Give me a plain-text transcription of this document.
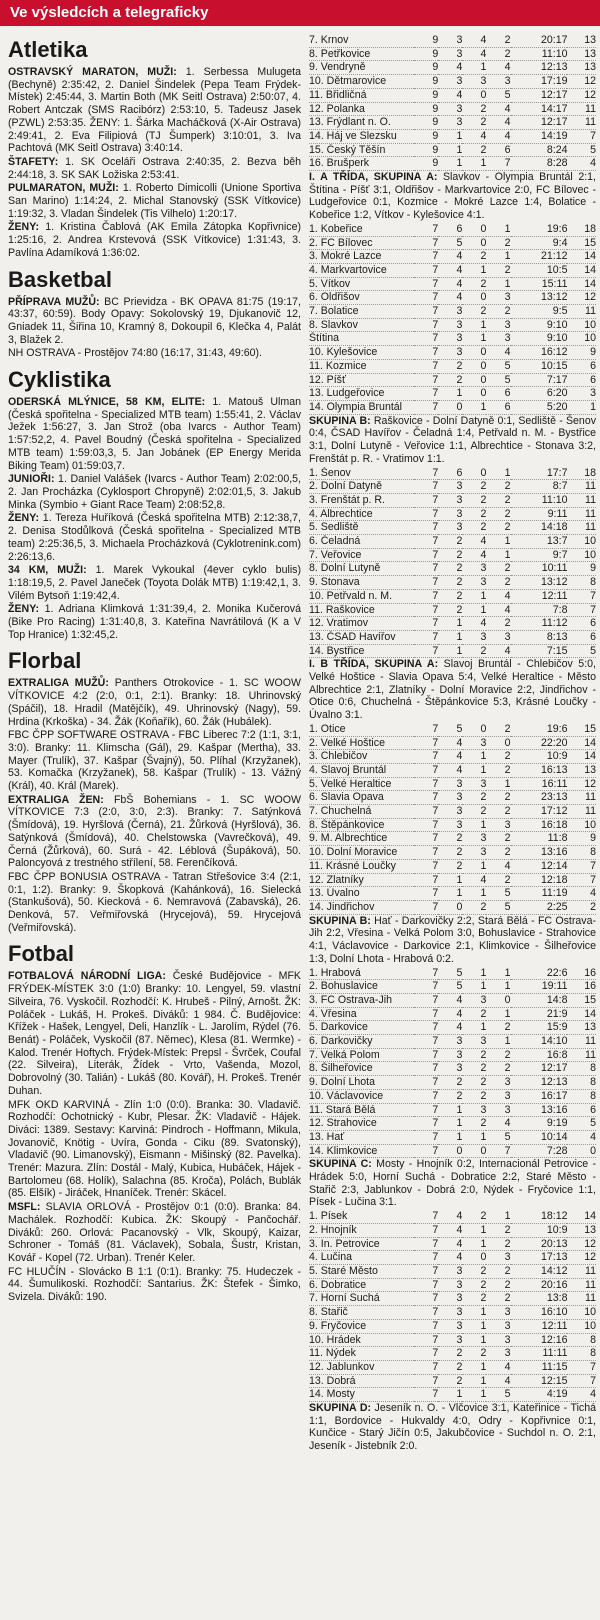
Ve výsledcích a telegraficky
Atletika
OSTRAVSKÝ MARATON, MUŽI: 1. Serbessa Mulugeta (Bechyně) 2:35:42, 2. Daniel Šindelek (Pepa Team Frýdek-Místek) 2:45:44, 3. Martin Both (MK Seitl Ostrava) 2:50:07, 4. Robert Antczak (SMS Racibórz) 2:53:10, 5. Tadeusz Jasek (PZWL) 2:53:35. ŽENY: 1. Šárka Macháčková (X-Air Ostrava) 2:49:41, 2. Eva Filipiová (TJ Šumperk) 3:10:01, 3. Iva Pachtová (MK Seitl Ostrava) 3:40:14.
ŠTAFETY: 1. SK Oceláři Ostrava 2:40:35, 2. Bezva běh 2:44:18, 3. SK SAK Ložiska 2:53:41.
PULMARATON, MUŽI: 1. Roberto Dimicolli (Unione Sportiva San Marino) 1:14:24, 2. Michal Stanovský (SSK Vítkovice) 1:19:32, 3. Vladan Šindelek (Tis Vilhelo) 1:20:17.
ŽENY: 1. Kristina Čablová (AK Emila Zátopka Kopřivnice) 1:25:16, 2. Andrea Krstevová (SSK Vítkovice) 1:31:43, 3. Pavlína Adamíková 1:36:02.
Basketbal
PŘÍPRAVA MUŽŮ: BC Prievidza - BK OPAVA 81:75 (19:17, 43:37, 60:59). Body Opavy: Sokolovský 19, Djukanovič 12, Gniadek 11, Šiřina 10, Kramný 8, Dokoupil 6, Klečka 4, Palát 3, Blažek 2.
NH OSTRAVA - Prostějov 74:80 (16:17, 31:43, 49:60).
Cyklistika
ODERSKÁ MLÝNICE, 58 KM, ELITE: 1. Matouš Ulman (Česká spořitelna - Specialized MTB team) 1:55:41, 2. Václav Ježek 1:56:27, 3. Jan Strož (oba Ivarcs - Author Team) 1:57:52,2, 4. Pavel Boudný (Česká spořitelna - Specialized MTB team) 1:59:03,3, 5. Jan Jobánek (EP Energy Merida Biking Team) 01:59:03,7.
JUNIOŘI: 1. Daniel Valášek (Ivarcs - Author Team) 2:02:00,5, 2. Jan Procházka (Cyklosport Chropyně) 2:02:01,5, 3. Jakub Minka (Symbio + Giant Race Team) 2:08:52,8.
ŽENY: 1. Tereza Huříková (Česká spořitelna MTB) 2:12:38,7, 2. Denisa Stodůlková (Česká spořitelna - Specialized MTB team) 2:25:36,5, 3. Michaela Procházková (Cyklotrenink.com) 2:26:13,6.
34 KM, MUŽI: 1. Marek Vykoukal (4ever cyklo bulis) 1:18:19,5, 2. Pavel Janeček (Toyota Dolák MTB) 1:19:42,1, 3. Vilém Bytsoň 1:19:42,4.
ŽENY: 1. Adriana Klimková 1:31:39,4, 2. Monika Kučerová (Bike Pro Racing) 1:31:40,8, 3. Kateřina Navrátilová (K a V Top Hranice) 1:32:45,2.
Florbal
EXTRALIGA MUŽŮ: Panthers Otrokovice - 1. SC WOOW VÍTKOVICE 4:2 (2:0, 0:1, 2:1). Branky: 18. Uhrinovský (Spáčil), 18. Hradil (Matějčík), 49. Uhrinovský (Nagy), 59. Hrdina (Krkoška) - 34. Žák (Koňařík), 60. Žák (Hubálek).
FBC ČPP SOFTWARE OSTRAVA - FBC Liberec 7:2 (1:1, 3:1, 3:0). Branky: 11. Klimscha (Gál), 29. Kašpar (Mertha), 33. Mayer (Trulík), 37. Kašpar (Švajný), 50. Plíhal (Krzyžanek), 53. Komačka (Krzyžanek), 58. Kašpar (Trulík) - 13. Vážný (Král), 40. Král (Marek).
EXTRALIGA ŽEN: FbŠ Bohemians - 1. SC WOOW VÍTKOVICE 7:3 (2:0, 3:0, 2:3). Branky: 7. Satýnková (Šmídová), 19. Hyršlová (Černá), 21. Žůrková (Hyršlová), 36. Satýnková (Šmídová), 40. Chelstowska (Vavrečková), 49. Černá (Žůrková), 60. Surá - 42. Léblová (Šupáková), 50. Paloncyová z trestného střílení, 58. Ferenčíková.
FBC ČPP BONUSIA OSTRAVA - Tatran Střešovice 3:4 (2:1, 0:1, 1:2). Branky: 9. Škopková (Kahánková), 16. Sielecká (Stankušová), 50. Kiecková - 6. Nemravová (Zabavská), 26. Denková, 57. Veřmiřovská (Hrycejová), 59. Hrycejová (Veřmiřovská).
Fotbal
FOTBALOVÁ NÁRODNÍ LIGA: České Budějovice - MFK FRÝDEK-MÍSTEK 3:0 (1:0) Branky: 10. Lengyel, 59. vlastní Silveira, 76. Vyskočil. Rozhodčí: K. Hrubeš - Pilný, Arnošt. ŽK: Poláček - Lukáš, H. Prokeš. Diváků: 1 984. Č. Budějovice: Křížek - Hašek, Lengyel, Deli, Hanzlík - L. Jarolím, Rýdel (76. Benát) - Poláček, Vyskočil (87. Němec), Klesa (81. Wermke) - Kalod. Trenér Hoftych. Frýdek-Místek: Prepsl - Švrček, Coufal (22. Silveira), Literák, Žídek - Vrto, Vašenda, Mozol, Dobrovolný (30. Talián) - Lukáš (80. Kovář), H. Prokeš. Trenér Duhan.
MFK OKD KARVINÁ - Zlín 1:0 (0:0). Branka: 30. Vladavič. Rozhodčí: Ochotnický - Kubr, Plesar. ŽK: Vladavič - Hájek. Diváci: 1389. Sestavy: Karviná: Pindroch - Hoffmann, Mikula, Jovanovič, Knötig - Uvíra, Gonda - Ciku (89. Svatonský), Vladavič (90. Limanovský), Eismann - Mišinský (82. Pavelka). Trenér: Mazura. Zlín: Dostál - Malý, Kubica, Hubáček, Hájek - Bartolomeu (68. Holík), Salachna (85. Kroča), Polách, Bublák (85. Elšík) - Jiráček, Hnaníček. Trenér: Skácel.
MSFL: SLAVIA ORLOVÁ - Prostějov 0:1 (0:0). Branka: 84. Machálek. Rozhodčí: Kubica. ŽK: Skoupý - Pančochář. Diváků: 260. Orlová: Pacanovský - Vlk, Skoupý, Kaizar, Schroner - Tomáš (81. Václavek), Sobala, Šustr, Kristan, Kovář - Kopel (72. Urban). Trenér Keler.
FC HLUČÍN - Slovácko B 1:1 (0:1). Branky: 75. Hudeczek - 44. Šumulikoski. Rozhodčí: Santarius. ŽK: Štefek - Šimko, Svizela. Diváků: 190.
7. Krnov	9	3	4	2	20:17	13
8. Petřkovice	9	3	4	2	11:10	13
9. Vendryně	9	4	1	4	12:13	13
10. Dětmarovice	9	3	3	3	17:19	12
11. Břidličná	9	4	0	5	12:17	12
12. Polanka	9	3	2	4	14:17	11
13. Frýdlant n. O.	9	3	2	4	12:17	11
14. Háj ve Slezsku	9	1	4	4	14:19	7
15. Český Těšín	9	1	2	6	8:24	5
16. Brušperk	9	1	1	7	8:28	4
I. A TŘÍDA, SKUPINA A: Slavkov - Olympia Bruntál 2:1, Štítina - Píšť 3:1, Oldřišov - Markvartovice 2:0, FC Bílovec - Ludgeřovice 0:1, Kozmice - Mokré Lazce 1:4, Bolatice - Kobeřice 1:2, Vítkov - Kylešovice 4:1.
1. Kobeřice	7	6	0	1	19:6	18
2. FC Bílovec	7	5	0	2	9:4	15
3. Mokré Lazce	7	4	2	1	21:12	14
4. Markvartovice	7	4	1	2	10:5	14
5. Vítkov	7	4	2	1	15:11	14
6. Oldřišov	7	4	0	3	13:12	12
7. Bolatice	7	3	2	2	9:5	11
8. Slavkov	7	3	1	3	9:10	10
Štítina	7	3	1	3	9:10	10
10. Kylešovice	7	3	0	4	16:12	9
11. Kozmice	7	2	0	5	10:15	6
12. Píšť	7	2	0	5	7:17	6
13. Ludgeřovice	7	1	0	6	6:20	3
14. Olympia Bruntál	7	0	1	6	5:20	1
SKUPINA B: Raškovice - Dolní Datyně 0:1, Sedliště - Šenov 0:4, ČSAD Havířov - Čeladná 1:4, Petřvald n. M. - Bystřice 3:1, Dolní Lutyně - Veřovice 1:1, Albrechtice - Stonava 3:2, Frenštát p. R. - Vratimov 1:1.
1. Šenov	7	6	0	1	17:7	18
2. Dolní Datyně	7	3	2	2	8:7	11
3. Frenštát p. R.	7	3	2	2	11:10	11
4. Albrechtice	7	3	2	2	9:11	11
5. Sedliště	7	3	2	2	14:18	11
6. Čeladná	7	2	4	1	13:7	10
7. Veřovice	7	2	4	1	9:7	10
8. Dolní Lutyně	7	2	3	2	10:11	9
9. Stonava	7	2	3	2	13:12	8
10. Petřvald n. M.	7	2	1	4	12:11	7
11. Raškovice	7	2	1	4	7:8	7
12. Vratimov	7	1	4	2	11:12	6
13. ČSAD Havířov	7	1	3	3	8:13	6
14. Bystřice	7	1	2	4	7:15	5
I. B TŘÍDA, SKUPINA A: Slavoj Bruntál - Chlebičov 5:0, Velké Hoštice - Slavia Opava 5:4, Velké Heraltice - Město Albrechtice 2:1, Zlatníky - Dolní Moravice 2:2, Jindřichov - Otice 0:6, Chuchelná - Štěpánkovice 5:3, Krásné Loučky - Úvalno 3:1.
1. Otice	7	5	0	2	19:6	15
2. Velké Hoštice	7	4	3	0	22:20	14
3. Chlebičov	7	4	1	2	10:9	14
4. Slavoj Bruntál	7	4	1	2	16:13	13
5. Velké Heraltice	7	3	3	1	16:11	12
6. Slavia Opava	7	3	2	2	23:13	11
7. Chuchelná	7	3	2	2	17:12	11
8. Štěpánkovice	7	3	1	3	16:18	10
9. M. Albrechtice	7	2	3	2	11:8	9
10. Dolní Moravice	7	2	3	2	13:16	8
11. Krásné Loučky	7	2	1	4	12:14	7
12. Zlatníky	7	1	4	2	12:18	7
13. Úvalno	7	1	1	5	11:19	4
14. Jindřichov	7	0	2	5	2:25	2
SKUPINA B: Hať - Darkovičky 2:2, Stará Bělá - FC Ostrava-Jih 2:2, Vřesina - Velká Polom 3:0, Bohuslavice - Strahovice 4:1, Václavovice - Darkovice 2:1, Klimkovice - Šilheřovice 1:3, Dolní Lhota - Hrabová 0:2.
1. Hrabová	7	5	1	1	22:6	16
2. Bohuslavice	7	5	1	1	19:11	16
3. FC Ostrava-Jih	7	4	3	0	14:8	15
4. Vřesina	7	4	2	1	21:9	14
5. Darkovice	7	4	1	2	15:9	13
6. Darkovičky	7	3	3	1	14:10	11
7. Velká Polom	7	3	2	2	16:8	11
8. Šilheřovice	7	3	2	2	12:17	8
9. Dolní Lhota	7	2	2	3	12:13	8
10. Václavovice	7	2	2	3	16:17	8
11. Stará Bělá	7	1	3	3	13:16	6
12. Strahovice	7	1	2	4	9:19	5
13. Hať	7	1	1	5	10:14	4
14. Klimkovice	7	0	0	7	7:28	0
SKUPINA C: Mosty - Hnojník 0:2, Internacionál Petrovice - Hrádek 5:0, Horní Suchá - Dobratice 2:2, Staré Město - Stařič 2:3, Jablunkov - Dobrá 2:0, Nýdek - Fryčovice 1:1, Písek - Lučina 3:1.
1. Písek	7	4	2	1	18:12	14
2. Hnojník	7	4	1	2	10:9	13
3. In. Petrovice	7	4	1	2	20:13	12
4. Lučina	7	4	0	3	17:13	12
5. Staré Město	7	3	2	2	14:12	11
6. Dobratice	7	3	2	2	20:16	11
7. Horní Suchá	7	3	2	2	13:8	11
8. Stařič	7	3	1	3	16:10	10
9. Fryčovice	7	3	1	3	12:11	10
10. Hrádek	7	3	1	3	12:16	8
11. Nýdek	7	2	2	3	11:11	8
12. Jablunkov	7	2	1	4	11:15	7
13. Dobrá	7	2	1	4	12:15	7
14. Mosty	7	1	1	5	4:19	4
SKUPINA D: Jeseník n. O. - Vlčovice 3:1, Kateřinice - Tichá 1:1, Bordovice - Hukvaldy 4:0, Odry - Kopřivnice 0:1, Kunčice - Starý Jičín 0:5, Jakubčovice - Suchdol n. O. 2:1, Jeseník - Jistebník 2:0.
